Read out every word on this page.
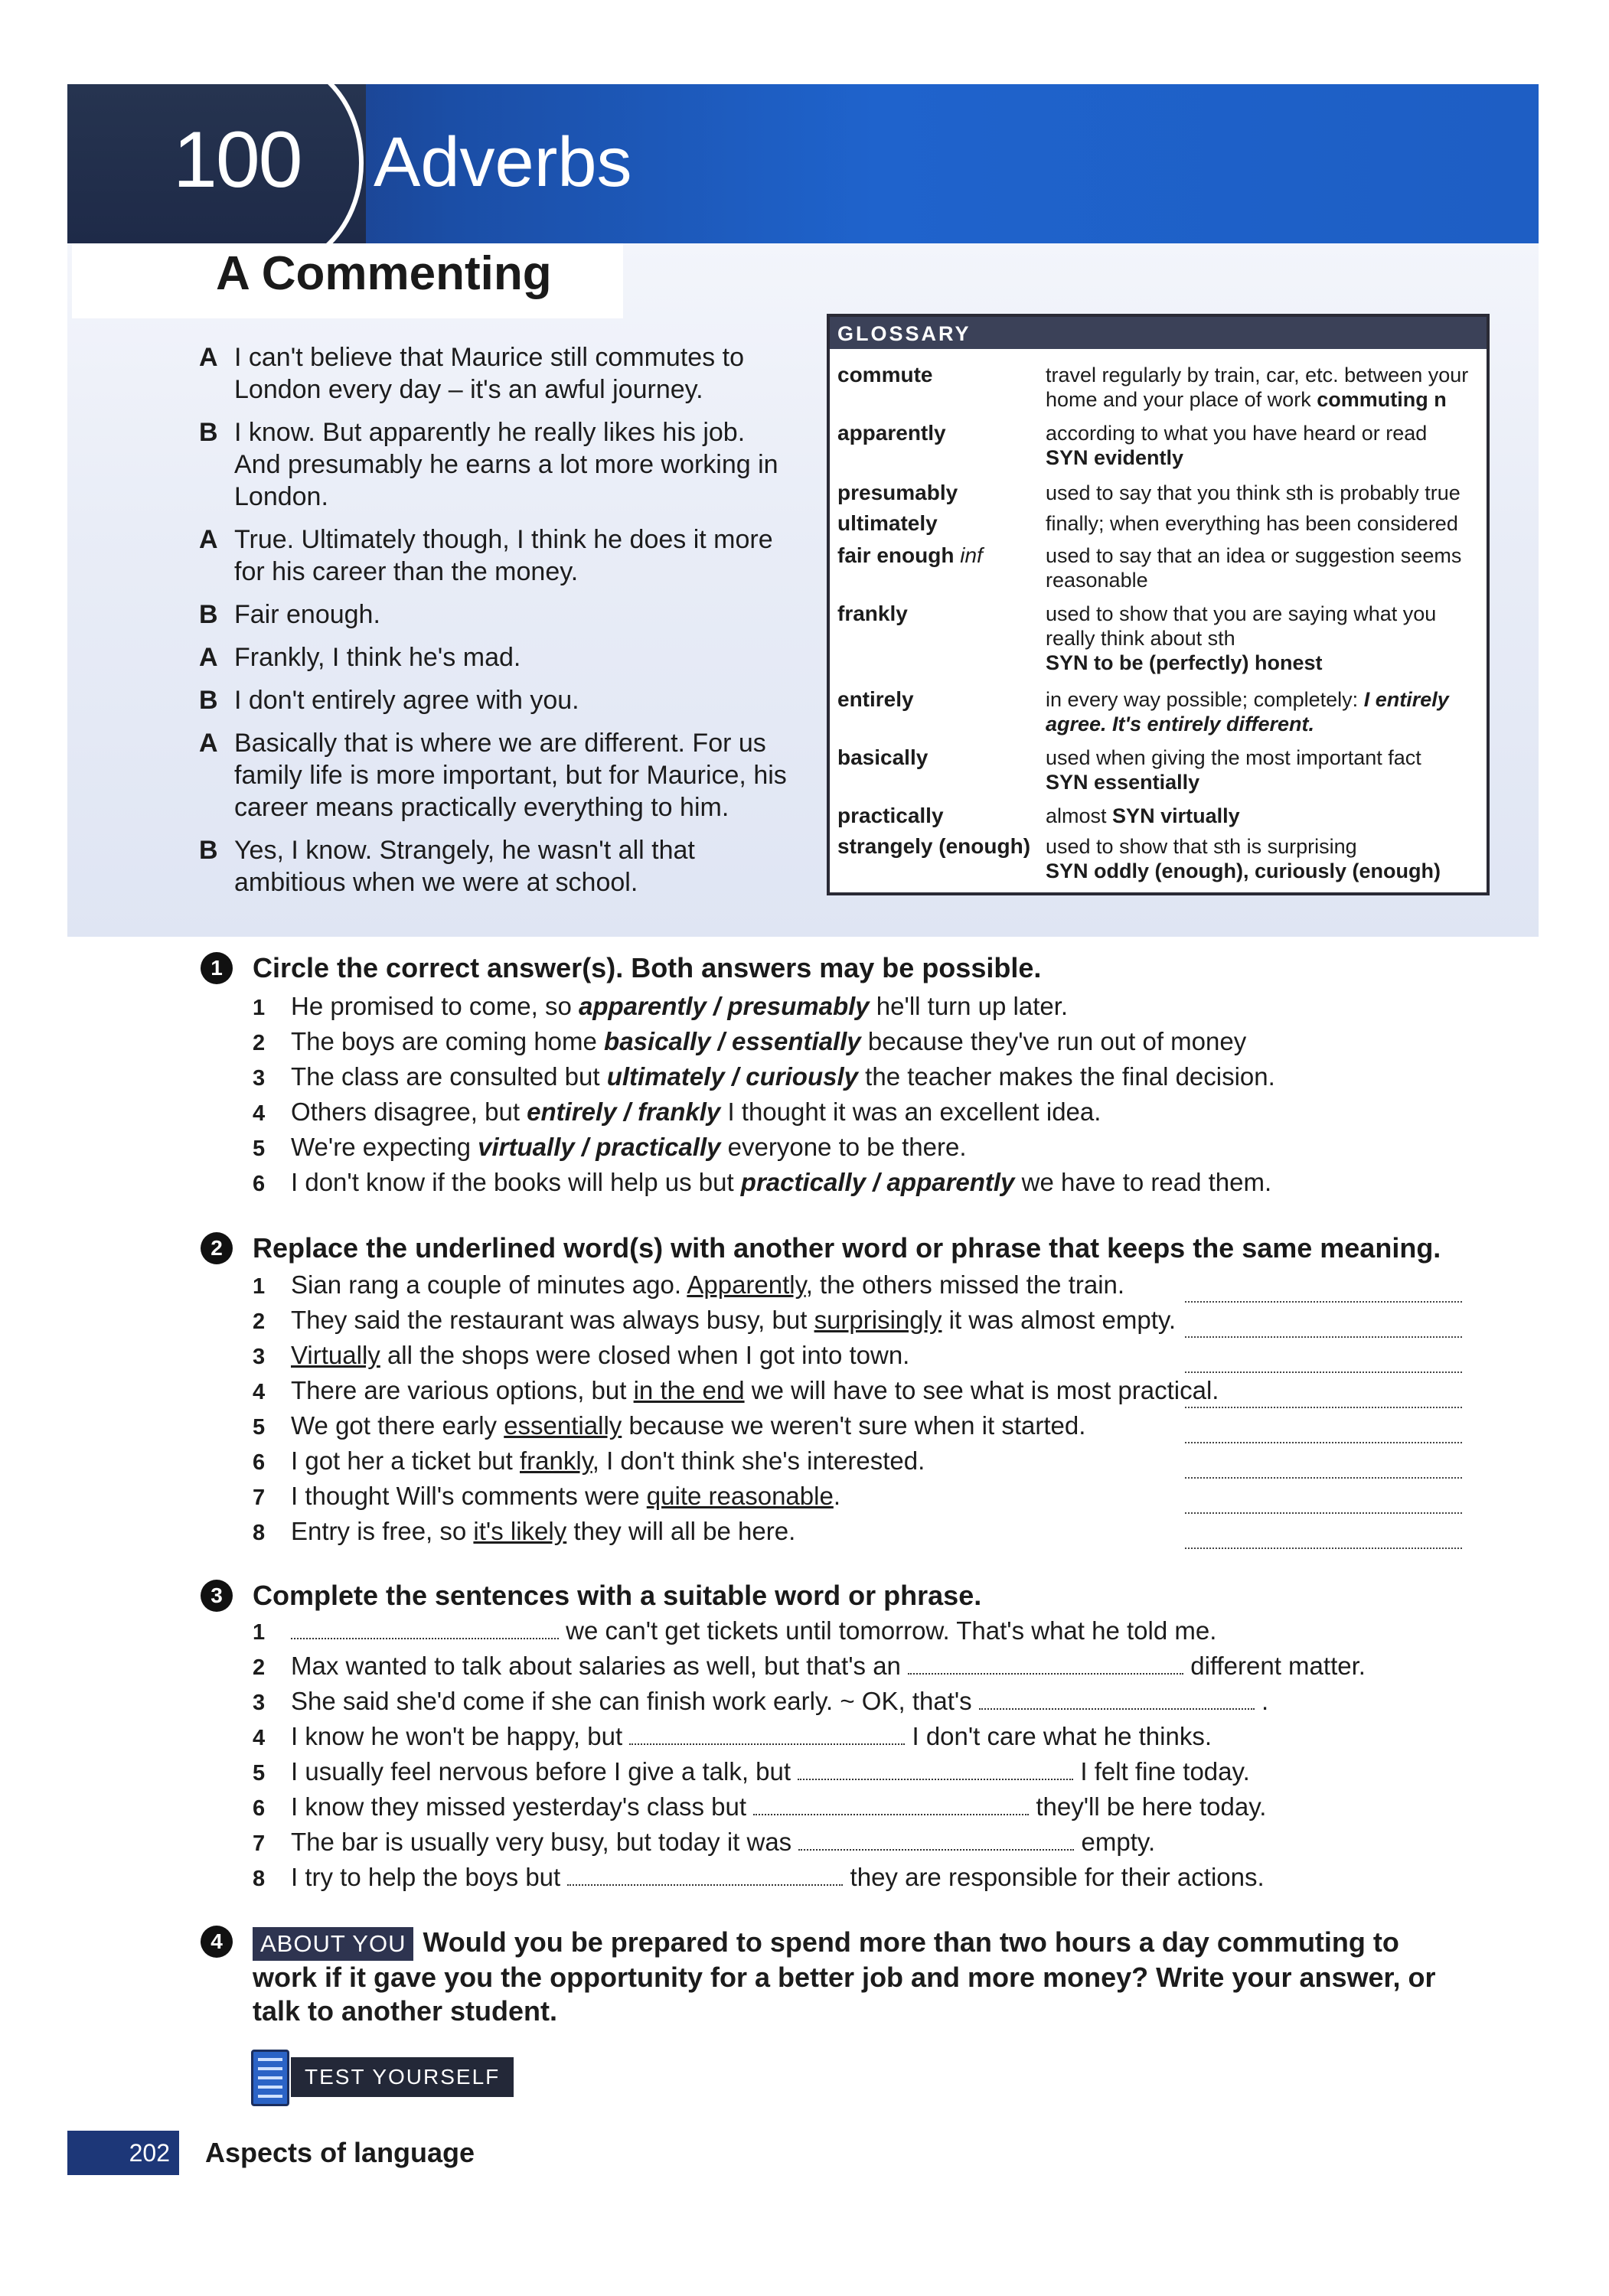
100 Adverbs
A Commenting
A I can't believe that Maurice still commutes to London every day – it's an awful journey.
B I know. But apparently he really likes his job. And presumably he earns a lot more working in London.
A True. Ultimately though, I think he does it more for his career than the money.
B Fair enough.
A Frankly, I think he's mad.
B I don't entirely agree with you.
A Basically that is where we are different. For us family life is more important, but for Maurice, his career means practically everything to him.
B Yes, I know. Strangely, he wasn't all that ambitious when we were at school.
GLOSSARY
commute	travel regularly by train, car, etc. between your home and your place of work commuting n
apparently	according to what you have heard or read
SYN evidently
presumably	used to say that you think sth is probably true
ultimately	finally; when everything has been considered
fair enough inf	used to say that an idea or suggestion seems reasonable
frankly	used to show that you are saying what you really think about sth
SYN to be (perfectly) honest
entirely	in every way possible; completely: I entirely agree. It's entirely different.
basically	used when giving the most important fact
SYN essentially
practically	almost SYN virtually
strangely (enough) used to show that sth is surprising
SYN oddly (enough), curiously (enough)
1	Circle the correct answer(s). Both answers may be possible.
1 He promised to come, so apparently / presumably he'll turn up later.
2 The boys are coming home basically / essentially because they've run out of money
3 The class are consulted but ultimately / curiously the teacher makes the final decision.
4 Others disagree, but entirely / frankly I thought it was an excellent idea.
5 We're expecting virtually / practically everyone to be there.
6 I don't know if the books will help us but practically / apparently we have to read them.
2	Replace the underlined word(s) with another word or phrase that keeps the same meaning.
1 Sian rang a couple of minutes ago. Apparently, the others missed the train.
2 They said the restaurant was always busy, but surprisingly it was almost empty.
3 Virtually all the shops were closed when I got into town.
4 There are various options, but in the end we will have to see what is most practical.
5 We got there early essentially because we weren't sure when it started.
6 I got her a ticket but frankly, I don't think she's interested.
7 I thought Will's comments were quite reasonable.
8 Entry is free, so it's likely they will all be here.
3	Complete the sentences with a suitable word or phrase.
1	we can't get tickets until tomorrow. That's what he told me.
2 Max wanted to talk about salaries as well, but that's an	different matter.
3 She said she'd come if she can finish work early. ~ OK, that's	.
4 I know he won't be happy, but	I don't care what he thinks.
5 I usually feel nervous before I give a talk, but	I felt fine today.
6 I know they missed yesterday's class but	they'll be here today.
7 The bar is usually very busy, but today it was	empty.
8 I try to help the boys but	they are responsible for their actions.
4	ABOUT YOU Would you be prepared to spend more than two hours a day commuting to work if it gave you the opportunity for a better job and more money? Write your answer, or talk to another student.
TEST YOURSELF
202	Aspects of language
